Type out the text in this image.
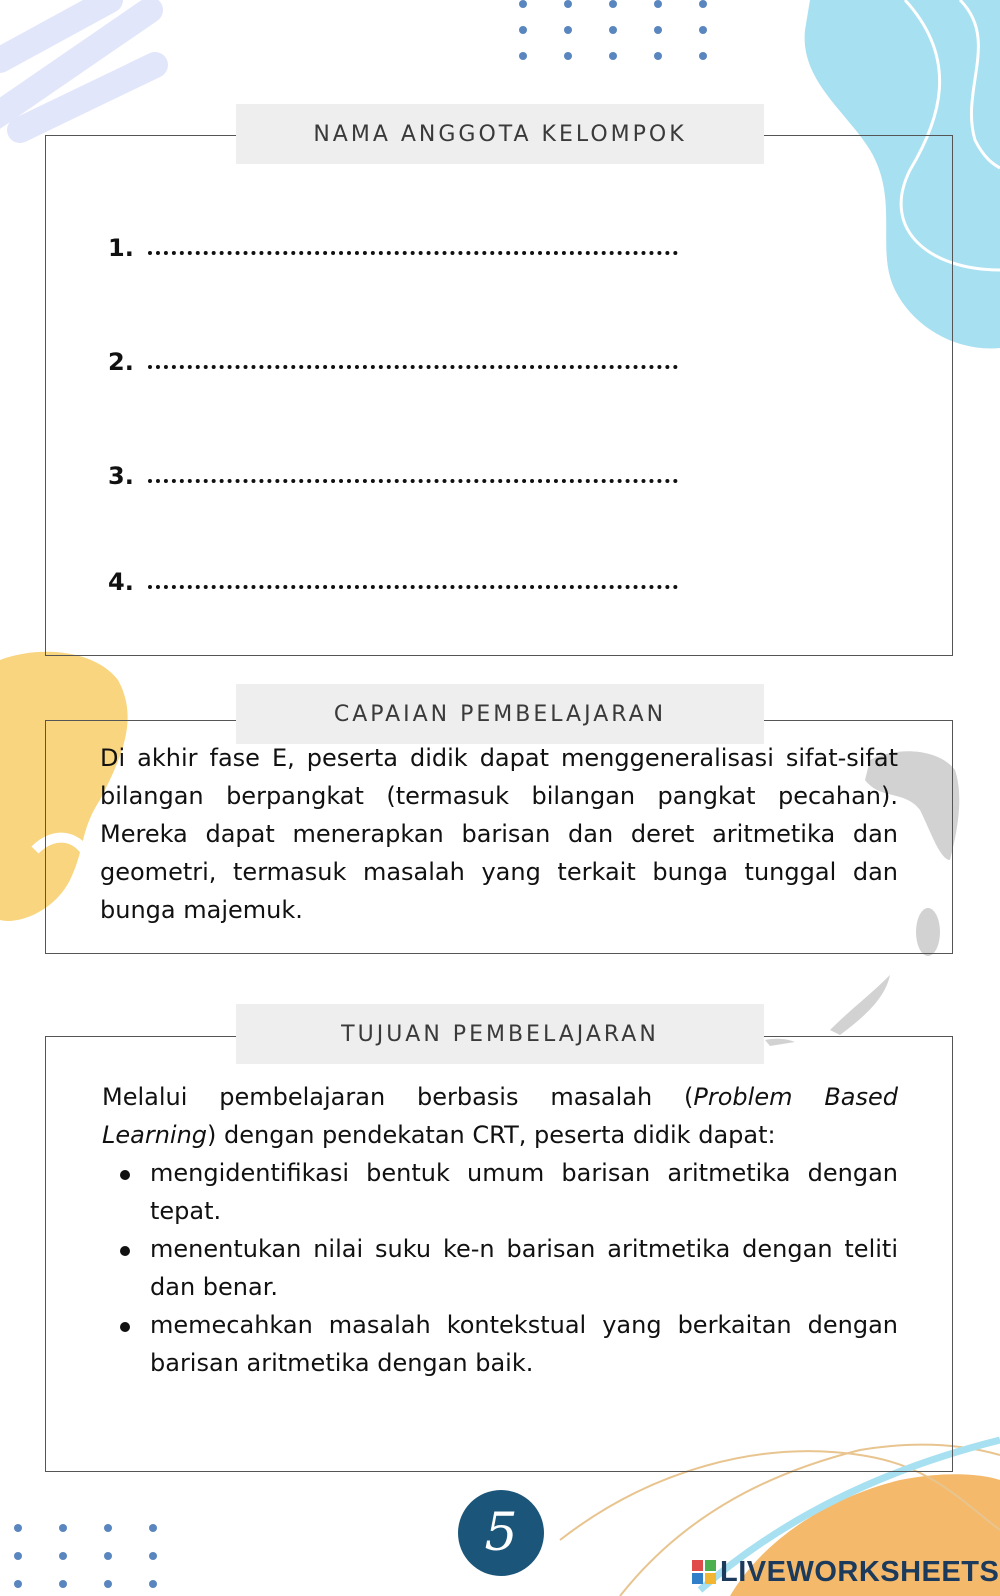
NAMA ANGGOTA KELOMPOK
1.
2.
3.
4.
CAPAIAN PEMBELAJARAN
Di akhir fase E, peserta didik dapat menggeneralisasi sifat-sifat bilangan berpangkat (termasuk bilangan pangkat pecahan). Mereka dapat menerapkan barisan dan deret aritmetika dan geometri, termasuk masalah yang terkait bunga tunggal dan bunga majemuk.
TUJUAN PEMBELAJARAN
Melalui pembelajaran berbasis masalah (Problem Based Learning) dengan pendekatan CRT, peserta didik dapat:
mengidentifikasi bentuk umum barisan aritmetika dengan tepat.
menentukan nilai suku ke-n barisan aritmetika dengan teliti dan benar.
memecahkan masalah kontekstual yang berkaitan dengan barisan aritmetika dengan baik.
5
LIVEWORKSHEETS
